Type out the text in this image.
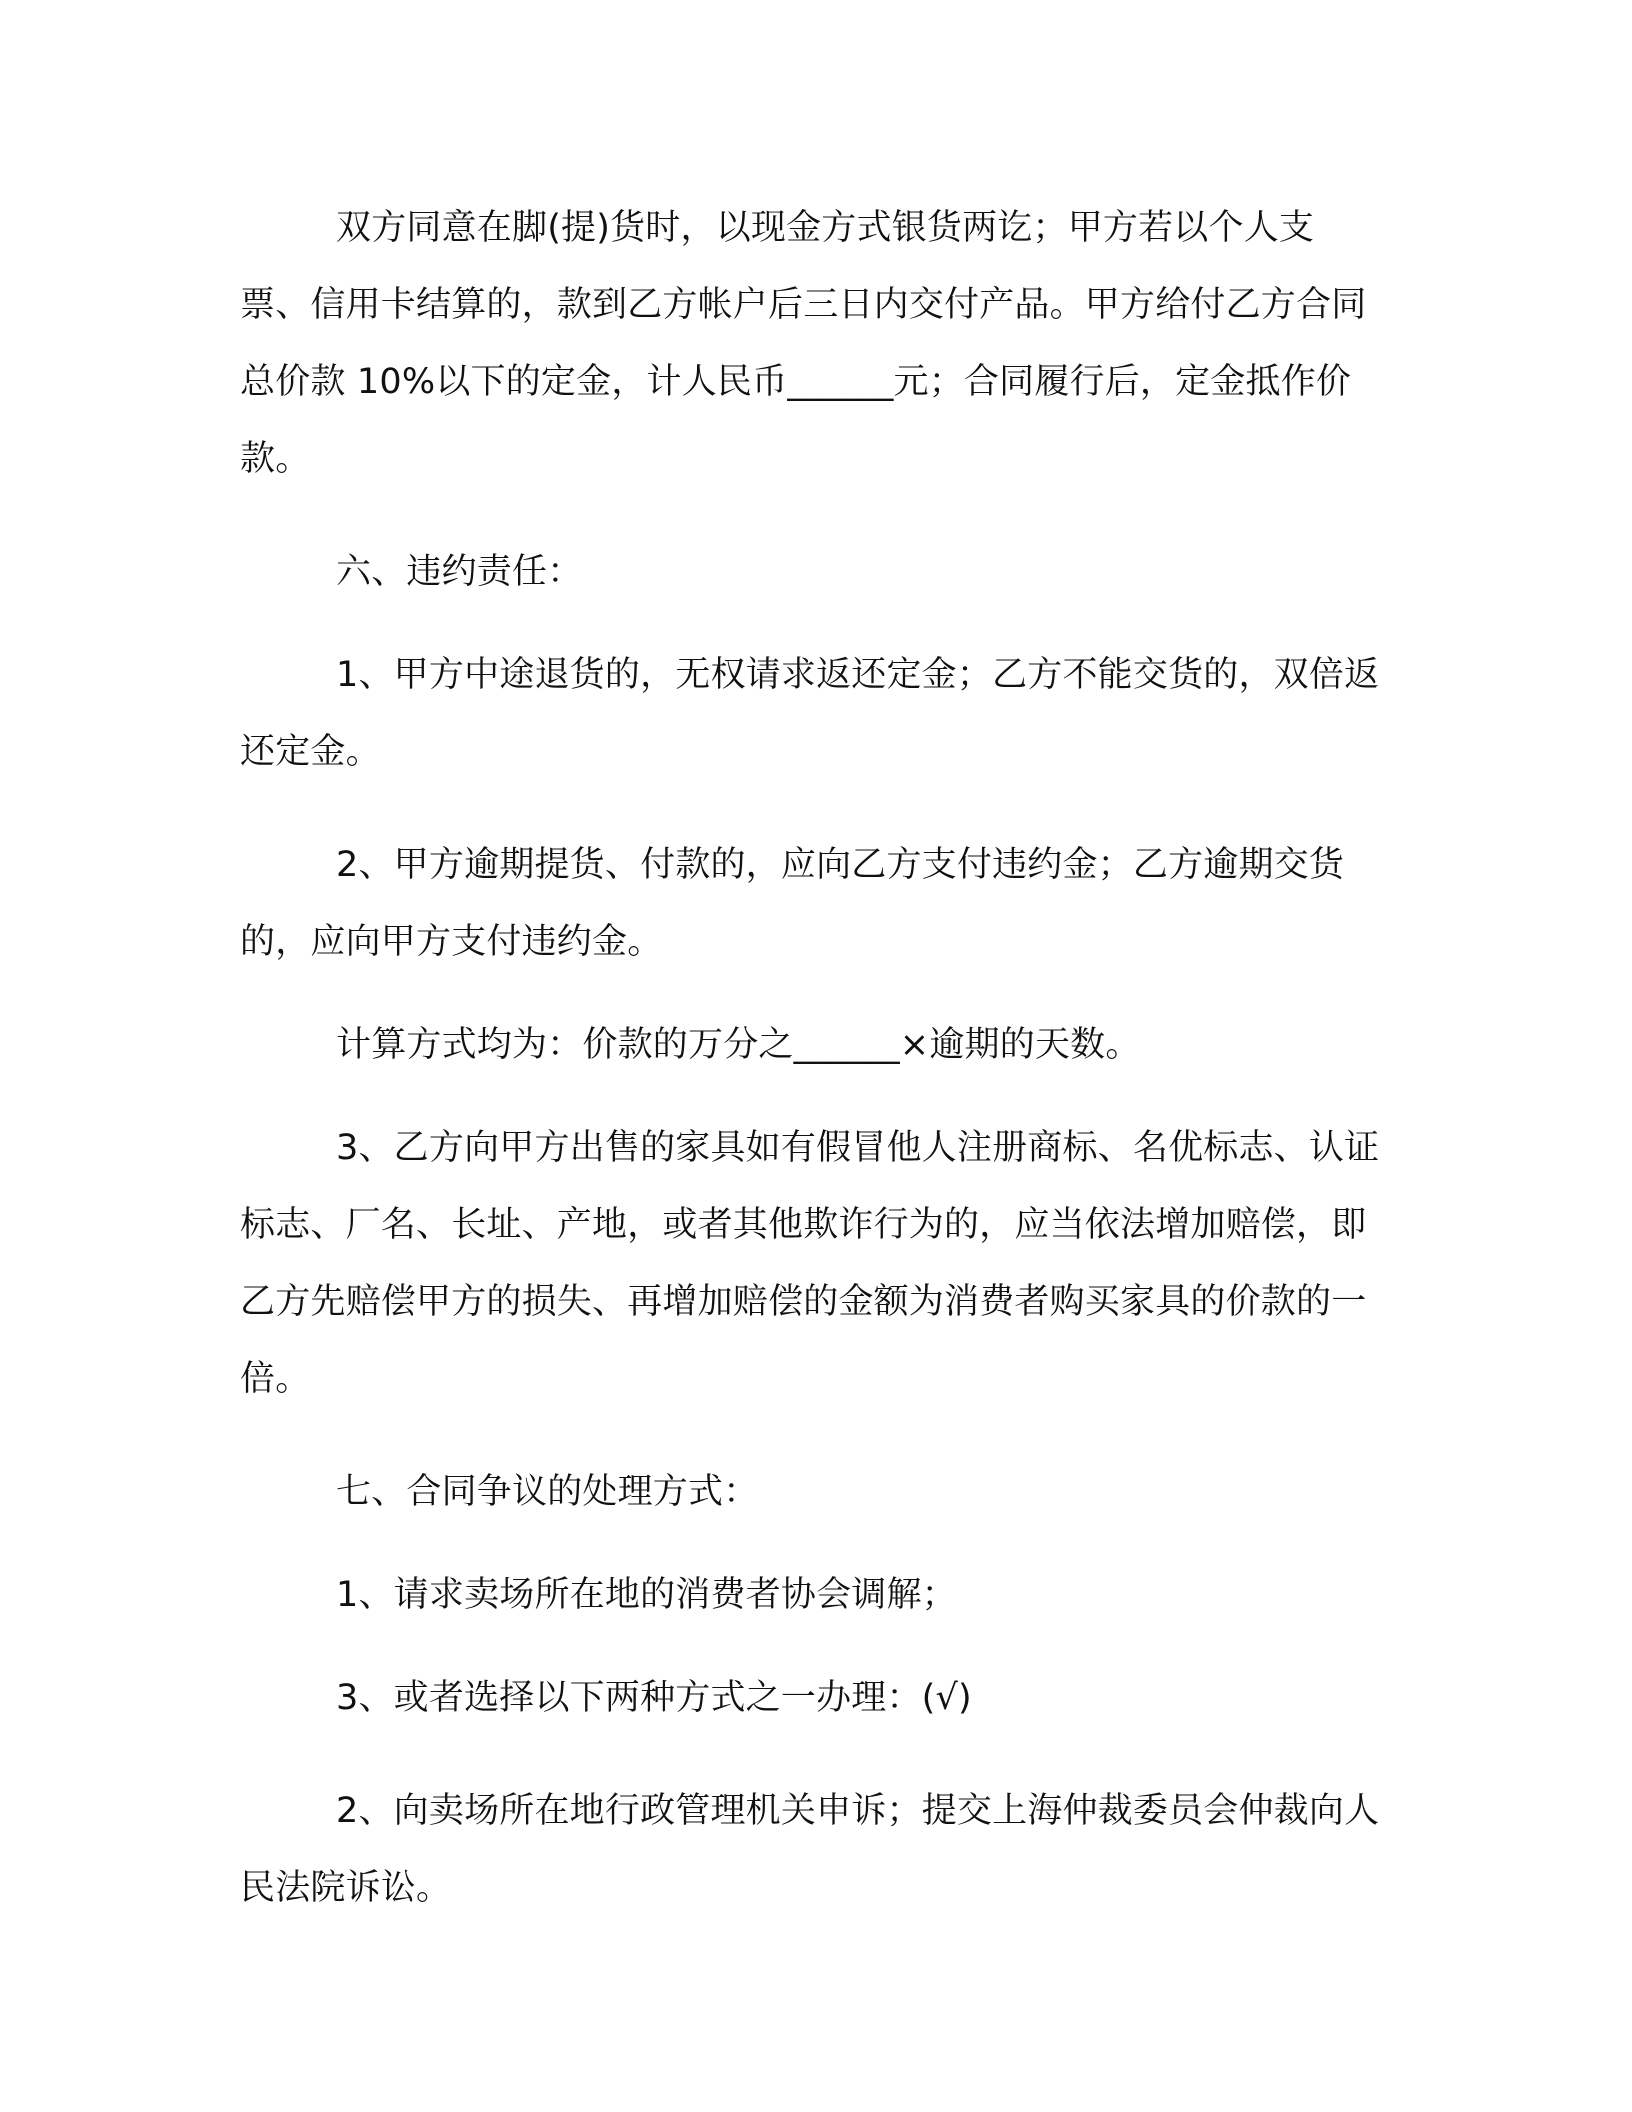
双方同意在脚(提)货时，以现金方式银货两讫；甲方若以个人支票、信用卡结算的，款到乙方帐户后三日内交付产品。甲方给付乙方合同总价款 10%以下的定金，计人民币______元；合同履行后，定金抵作价款。

六、违约责任：

1、甲方中途退货的，无权请求返还定金；乙方不能交货的，双倍返还定金。

2、甲方逾期提货、付款的，应向乙方支付违约金；乙方逾期交货的，应向甲方支付违约金。

计算方式均为：价款的万分之______×逾期的天数。

3、乙方向甲方出售的家具如有假冒他人注册商标、名优标志、认证标志、厂名、长址、产地，或者其他欺诈行为的，应当依法增加赔偿，即乙方先赔偿甲方的损失、再增加赔偿的金额为消费者购买家具的价款的一倍。

七、合同争议的处理方式：

1、请求卖场所在地的消费者协会调解；

3、或者选择以下两种方式之一办理：(√)

2、向卖场所在地行政管理机关申诉；提交上海仲裁委员会仲裁向人民法院诉讼。
